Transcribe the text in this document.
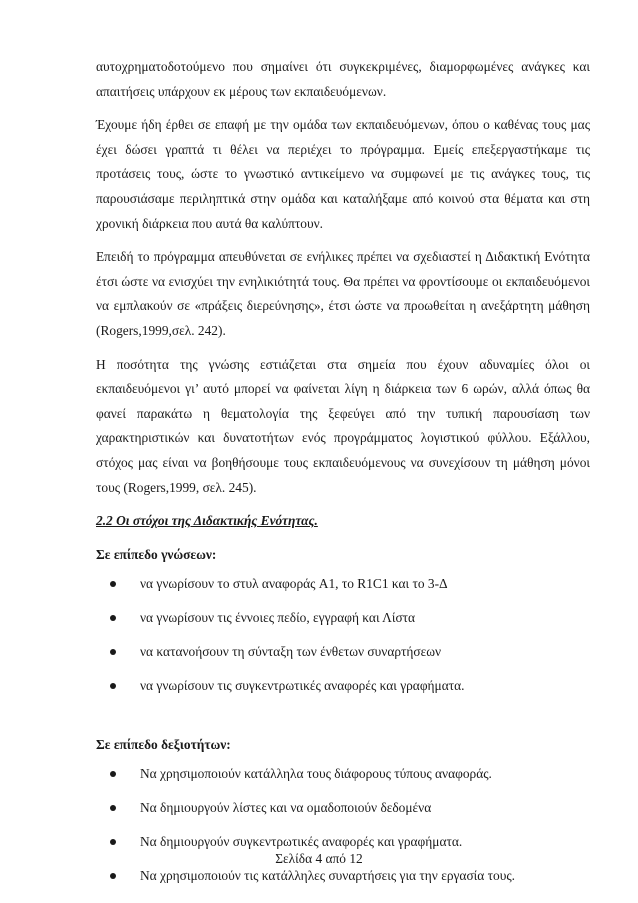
αυτοχρηματοδοτούμενο που σημαίνει ότι συγκεκριμένες, διαμορφωμένες ανάγκες και απαιτήσεις υπάρχουν εκ μέρους των εκπαιδευόμενων.

Έχουμε ήδη έρθει σε επαφή με την ομάδα των εκπαιδευόμενων, όπου ο καθένας τους μας έχει δώσει γραπτά τι θέλει να περιέχει το πρόγραμμα. Εμείς επεξεργαστήκαμε τις προτάσεις τους, ώστε το γνωστικό αντικείμενο να συμφωνεί με τις ανάγκες τους, τις παρουσιάσαμε περιληπτικά στην ομάδα και καταλήξαμε από κοινού στα θέματα και στη χρονική διάρκεια που αυτά θα καλύπτουν.

Επειδή το πρόγραμμα απευθύνεται σε ενήλικες πρέπει να σχεδιαστεί η Διδακτική Ενότητα έτσι ώστε να ενισχύει την ενηλικιότητά τους. Θα πρέπει να φροντίσουμε οι εκπαιδευόμενοι να εμπλακούν σε «πράξεις διερεύνησης», έτσι ώστε να προωθείται η ανεξάρτητη μάθηση (Rogers,1999,σελ. 242).

Η ποσότητα της γνώσης εστιάζεται στα σημεία που έχουν αδυναμίες όλοι οι εκπαιδευόμενοι γι’ αυτό μπορεί να φαίνεται λίγη η διάρκεια των 6 ωρών, αλλά όπως θα φανεί παρακάτω η θεματολογία της ξεφεύγει από την τυπική παρουσίαση των χαρακτηριστικών και δυνατοτήτων ενός προγράμματος λογιστικού φύλλου. Εξάλλου, στόχος μας είναι να βοηθήσουμε τους εκπαιδευόμενους να συνεχίσουν τη μάθηση μόνοι τους (Rogers,1999, σελ. 245).

2.2 Οι στόχοι της Διδακτικής Ενότητας.
Σε επίπεδο γνώσεων:
να γνωρίσουν το στυλ αναφοράς A1, το R1C1 και το 3-Δ
να γνωρίσουν τις έννοιες πεδίο, εγγραφή και Λίστα
να κατανοήσουν τη σύνταξη των ένθετων συναρτήσεων
να γνωρίσουν τις συγκεντρωτικές αναφορές και γραφήματα.
Σε επίπεδο δεξιοτήτων:
Να χρησιμοποιούν κατάλληλα τους διάφορους τύπους αναφοράς.
Να δημιουργούν λίστες και να ομαδοποιούν δεδομένα
Να δημιουργούν συγκεντρωτικές αναφορές και γραφήματα.
Να χρησιμοποιούν τις κατάλληλες συναρτήσεις για την εργασία τους.
Σελίδα 4 από 12
